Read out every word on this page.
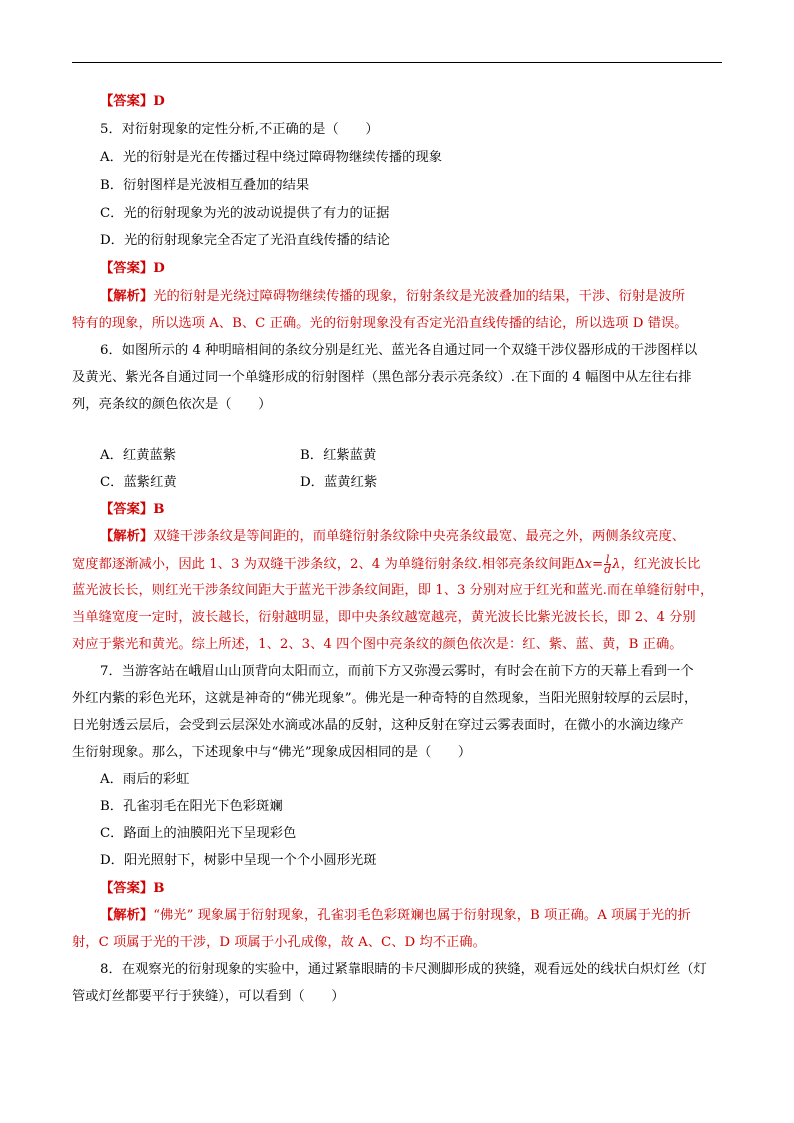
【答案】D
5．对衍射现象的定性分析,不正确的是（　　）
A．光的衍射是光在传播过程中绕过障碍物继续传播的现象
B．衍射图样是光波相互叠加的结果
C．光的衍射现象为光的波动说提供了有力的证据
D．光的衍射现象完全否定了光沿直线传播的结论
【答案】D
【解析】光的衍射是光绕过障碍物继续传播的现象，衍射条纹是光波叠加的结果，干涉、衍射是波所
特有的现象，所以选项 A、B、C 正确。光的衍射现象没有否定光沿直线传播的结论，所以选项 D 错误。
6．如图所示的 4 种明暗相间的条纹分别是红光、蓝光各自通过同一个双缝干涉仪器形成的干涉图样以
及黄光、紫光各自通过同一个单缝形成的衍射图样（黑色部分表示亮条纹）.在下面的 4 幅图中从左往右排
列，亮条纹的颜色依次是（　　）
A．红黄蓝紫	B．红紫蓝黄
C．蓝紫红黄	D．蓝黄红紫
【答案】B
【解析】双缝干涉条纹是等间距的，而单缝衍射条纹除中央亮条纹最宽、最亮之外，两侧条纹亮度、
宽度都逐渐减小，因此 1、3 为双缝干涉条纹，2、4 为单缝衍射条纹.相邻亮条纹间距$\Delta x= \frac{l}{d}$ λ，红光波长比
蓝光波长长，则红光干涉条纹间距大于蓝光干涉条纹间距，即 1、3 分别对应于红光和蓝光.而在单缝衍射中，
当单缝宽度一定时，波长越长，衍射越明显，即中央条纹越宽越亮，黄光波长比紫光波长长，即 2、4 分别
对应于紫光和黄光。综上所述，1、2、3、4 四个图中亮条纹的颜色依次是：红、紫、蓝、黄，B 正确。
7．当游客站在峨眉山山顶背向太阳而立，而前下方又弥漫云雾时，有时会在前下方的天幕上看到一个
外红内紫的彩色光环，这就是神奇的“佛光现象”。佛光是一种奇特的自然现象，当阳光照射较厚的云层时，
日光射透云层后，会受到云层深处水滴或冰晶的反射，这种反射在穿过云雾表面时，在微小的水滴边缘产
生衍射现象。那么，下述现象中与“佛光”现象成因相同的是（　　）
A．雨后的彩虹
B．孔雀羽毛在阳光下色彩斑斓
C．路面上的油膜阳光下呈现彩色
D．阳光照射下，树影中呈现一个个小圆形光斑
【答案】B
【解析】“佛光” 现象属于衍射现象，孔雀羽毛色彩斑斓也属于衍射现象，B 项正确。A 项属于光的折
射，C 项属于光的干涉，D 项属于小孔成像，故 A、C、D 均不正确。
8．在观察光的衍射现象的实验中，通过紧靠眼睛的卡尺测脚形成的狭缝，观看远处的线状白炽灯丝（灯
管或灯丝都要平行于狭缝），可以看到（　　）
